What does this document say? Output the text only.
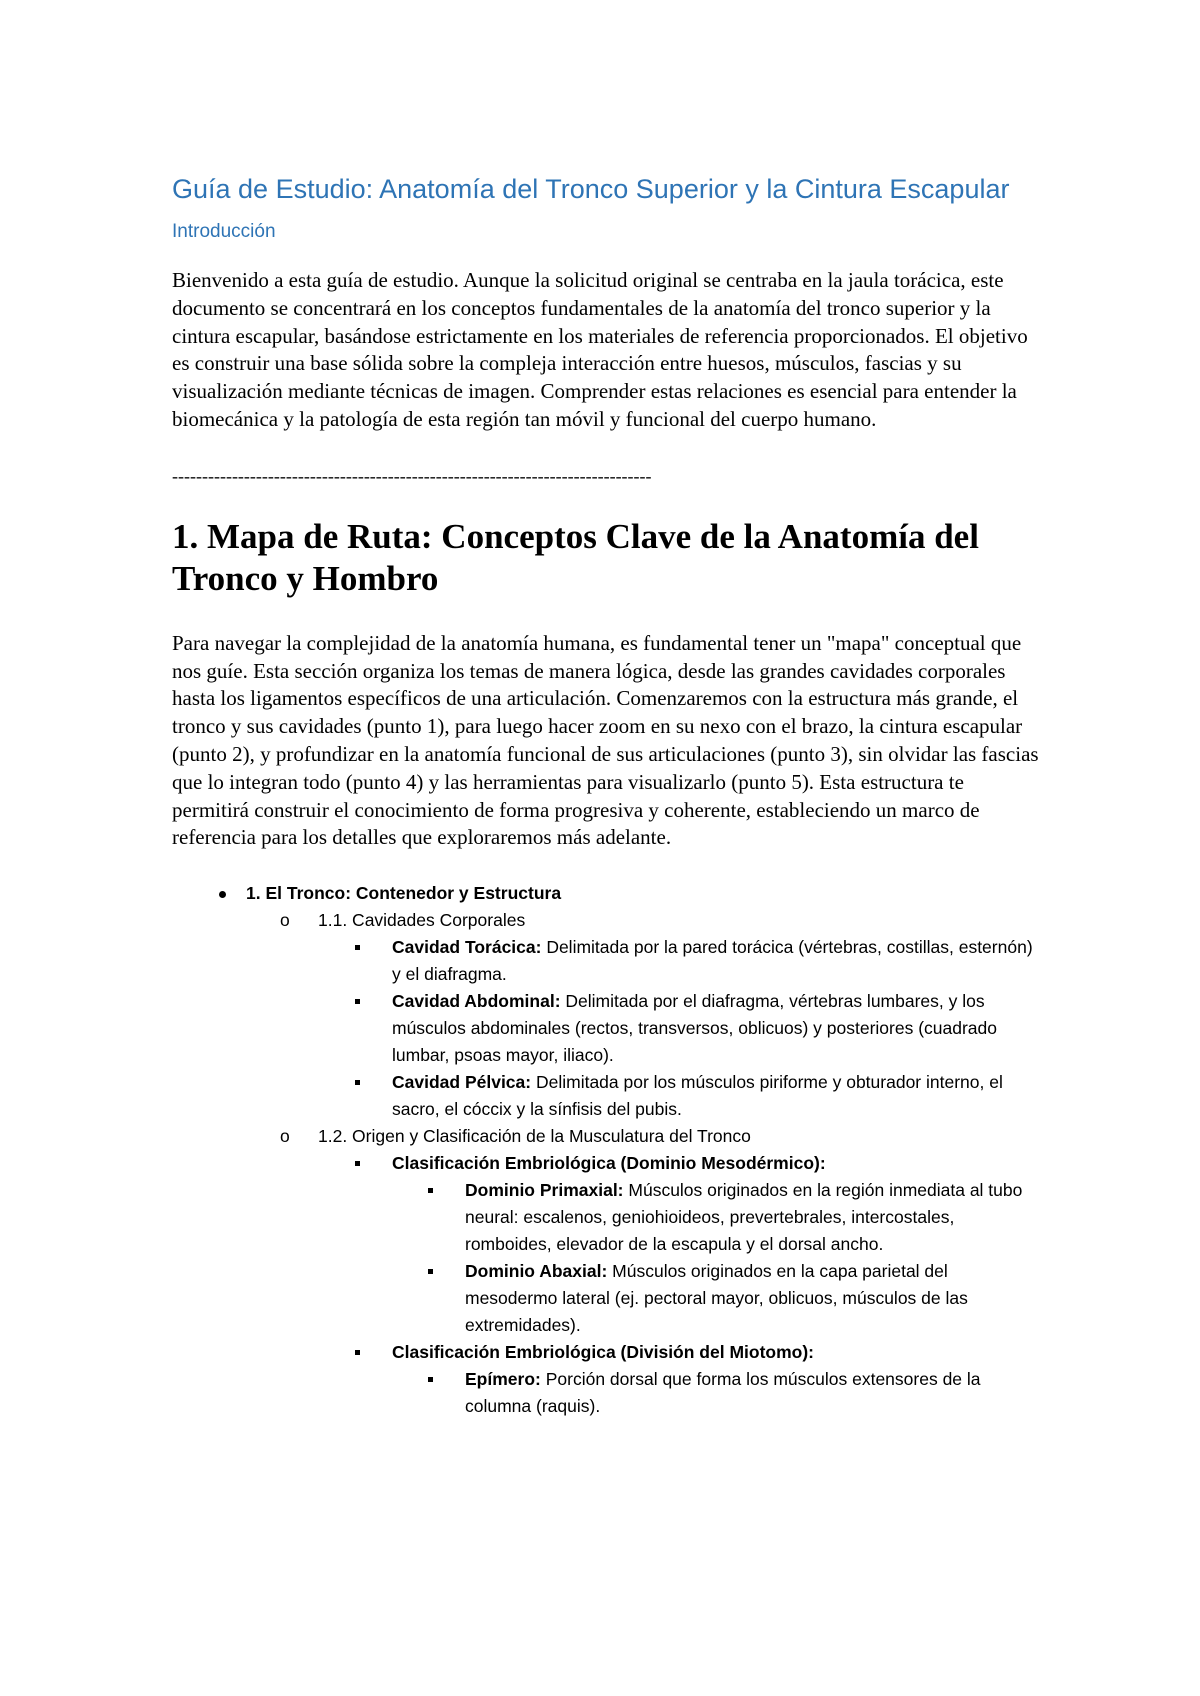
Guía de Estudio: Anatomía del Tronco Superior y la Cintura Escapular
Introducción

Bienvenido a esta guía de estudio. Aunque la solicitud original se centraba en la jaula torácica, este documento se concentrará en los conceptos fundamentales de la anatomía del tronco superior y la cintura escapular, basándose estrictamente en los materiales de referencia proporcionados. El objetivo es construir una base sólida sobre la compleja interacción entre huesos, músculos, fascias y su visualización mediante técnicas de imagen. Comprender estas relaciones es esencial para entender la biomecánica y la patología de esta región tan móvil y funcional del cuerpo humano.

--------------------------------------------------------------------------------
1. Mapa de Ruta: Conceptos Clave de la Anatomía del Tronco y Hombro

Para navegar la complejidad de la anatomía humana, es fundamental tener un "mapa" conceptual que nos guíe. Esta sección organiza los temas de manera lógica, desde las grandes cavidades corporales hasta los ligamentos específicos de una articulación. Comenzaremos con la estructura más grande, el tronco y sus cavidades (punto 1), para luego hacer zoom en su nexo con el brazo, la cintura escapular (punto 2), y profundizar en la anatomía funcional de sus articulaciones (punto 3), sin olvidar las fascias que lo integran todo (punto 4) y las herramientas para visualizarlo (punto 5). Esta estructura te permitirá construir el conocimiento de forma progresiva y coherente, estableciendo un marco de referencia para los detalles que exploraremos más adelante.

1. El Tronco: Contenedor y Estructura
o 1.1. Cavidades Corporales
Cavidad Torácica: Delimitada por la pared torácica (vértebras, costillas, esternón) y el diafragma.
Cavidad Abdominal: Delimitada por el diafragma, vértebras lumbares, y los músculos abdominales (rectos, transversos, oblicuos) y posteriores (cuadrado lumbar, psoas mayor, iliaco).
Cavidad Pélvica: Delimitada por los músculos piriforme y obturador interno, el sacro, el cóccix y la sínfisis del pubis.
o 1.2. Origen y Clasificación de la Musculatura del Tronco
Clasificación Embriológica (Dominio Mesodérmico):
Dominio Primaxial: Músculos originados en la región inmediata al tubo neural: escalenos, geniohioideos, prevertebrales, intercostales, romboides, elevador de la escapula y el dorsal ancho.
Dominio Abaxial: Músculos originados en la capa parietal del mesodermo lateral (ej. pectoral mayor, oblicuos, músculos de las extremidades).
Clasificación Embriológica (División del Miotomo):
Epímero: Porción dorsal que forma los músculos extensores de la columna (raquis).
